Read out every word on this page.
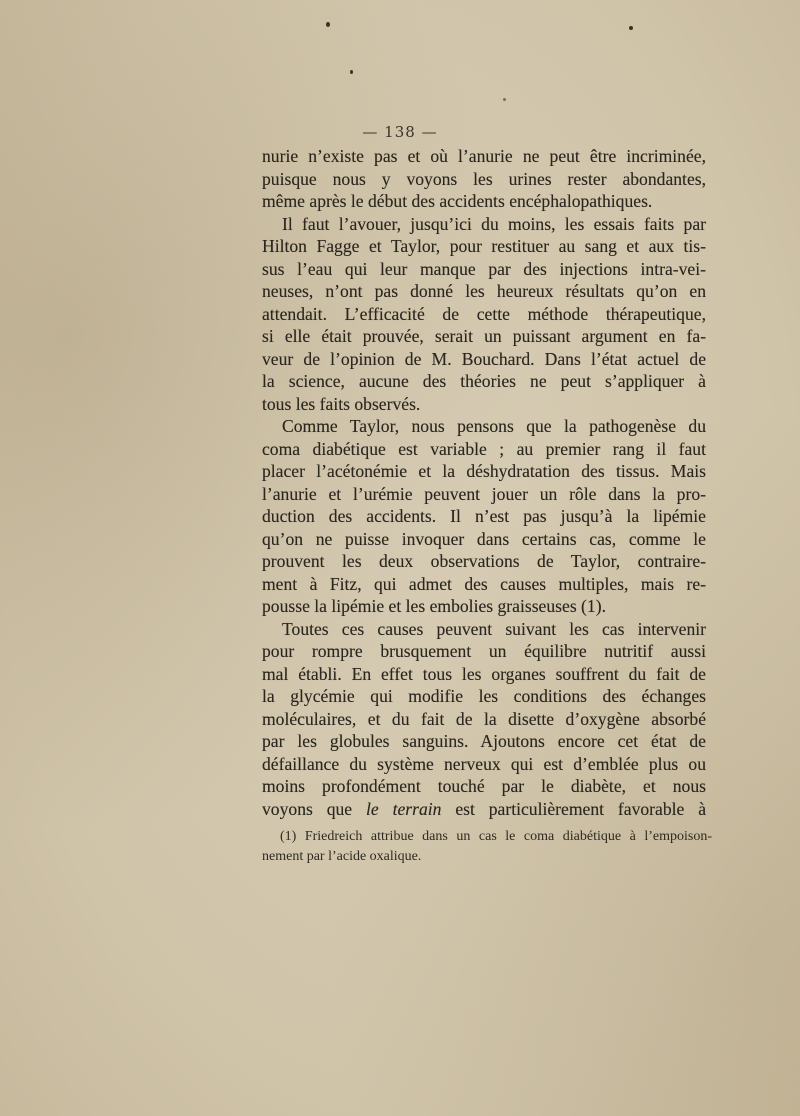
— 138 —
nurie n’existe pas et où l’anurie ne peut être incriminée,
puisque nous y voyons les urines rester abondantes,
même après le début des accidents encéphalopathiques.
Il faut l’avouer, jusqu’ici du moins, les essais faits par
Hilton Fagge et Taylor, pour restituer au sang et aux tis-
sus l’eau qui leur manque par des injections intra-vei-
neuses, n’ont pas donné les heureux résultats qu’on en
attendait. L’efficacité de cette méthode thérapeutique,
si elle était prouvée, serait un puissant argument en fa-
veur de l’opinion de M. Bouchard. Dans l’état actuel de
la science, aucune des théories ne peut s’appliquer à
tous les faits observés.
Comme Taylor, nous pensons que la pathogenèse du
coma diabétique est variable ; au premier rang il faut
placer l’acétonémie et la déshydratation des tissus. Mais
l’anurie et l’urémie peuvent jouer un rôle dans la pro-
duction des accidents. Il n’est pas jusqu’à la lipémie
qu’on ne puisse invoquer dans certains cas, comme le
prouvent les deux observations de Taylor, contraire-
ment à Fitz, qui admet des causes multiples, mais re-
pousse la lipémie et les embolies graisseuses (1).
Toutes ces causes peuvent suivant les cas intervenir
pour rompre brusquement un équilibre nutritif aussi
mal établi. En effet tous les organes souffrent du fait de
la glycémie qui modifie les conditions des échanges
moléculaires, et du fait de la disette d’oxygène absorbé
par les globules sanguins. Ajoutons encore cet état de
défaillance du système nerveux qui est d’emblée plus ou
moins profondément touché par le diabète, et nous
voyons que le terrain est particulièrement favorable à
(1) Friedreich attribue dans un cas le coma diabétique à l’empoison-
nement par l’acide oxalique.
